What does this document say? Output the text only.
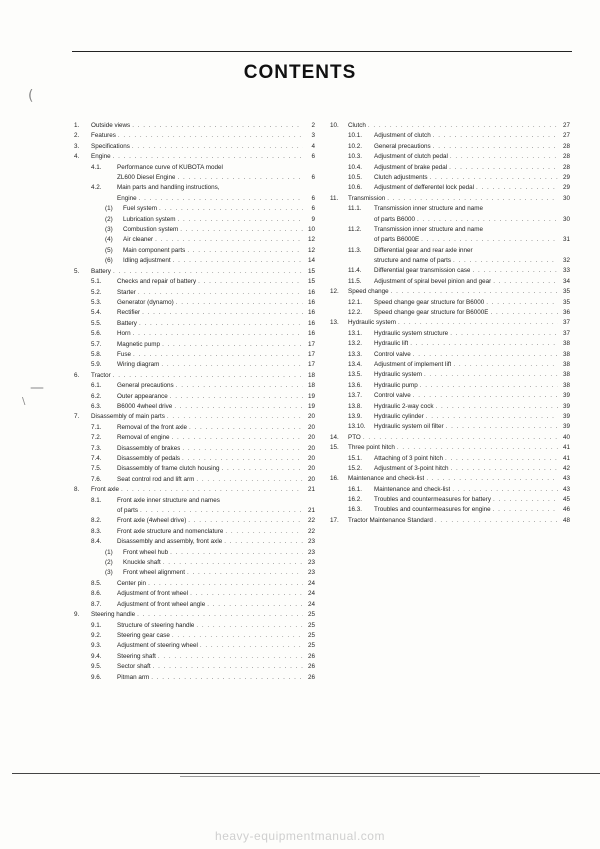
CONTENTS
1.	Outside views . . .	2
2.	Features . . .	3
3.	Specifications . . .	4
4.	Engine . . .	6
4.1.	Performance curve of KUBOTA model
ZL600 Diesel Engine . . .	6
4.2.	Main parts and handling instructions,
Engine . . .	6
(1)	Fuel system . . .	6
(2)	Lubrication system . . .	9
(3)	Combustion system . . .	10
(4)	Air cleaner . . .	12
(5)	Main component parts . . .	12
(6)	Idling adjustment . . .	14
5.	Battery . . .	15
5.1.	Checks and repair of battery . . .	15
5.2.	Starter . . .	16
5.3.	Generator (dynamo) . . .	16
5.4.	Rectifier . . .	16
5.5.	Battery . . .	16
5.6.	Horn . . .	16
5.7.	Magnetic pump . . .	17
5.8.	Fuse . . .	17
5.9.	Wiring diagram . . .	17
6.	Tractor . . .	18
6.1.	General precautions . . .	18
6.2.	Outer appearance . . .	19
6.3.	B6000 4wheel drive . . .	19
7.	Disassembly of main parts . . .	20
7.1.	Removal of the front axle . . .	20
7.2.	Removal of engine . . .	20
7.3.	Disassembly of brakes . . .	20
7.4.	Disassembly of pedals . . .	20
7.5.	Disassembly of frame clutch housing . . .	20
7.6.	Seat control rod and lift arm . . .	20
8.	Front axle . . .	21
8.1.	Front axle inner structure and names
of parts . . .	21
8.2.	Front axle (4wheel drive) . . .	22
8.3.	Front axle structure and nomenclature . . .	22
8.4.	Disassembly and assembly, front axle . . .	23
(1)	Front wheel hub . . .	23
(2)	Knuckle shaft . . .	23
(3)	Front wheel alignment . . .	23
8.5.	Center pin . . .	24
8.6.	Adjustment of front wheel . . .	24
8.7.	Adjustment of front wheel angle . . .	24
9.	Steering handle . . .	25
9.1.	Structure of steering handle . . .	25
9.2.	Steering gear case . . .	25
9.3.	Adjustment of steering wheel . . .	25
9.4.	Steering shaft . . .	26
9.5.	Sector shaft . . .	26
9.6.	Pitman arm . . .	26
10.	Clutch . . .	27
10.1.	Adjustment of clutch . . .	27
10.2.	General precautions . . .	28
10.3.	Adjustment of clutch pedal . . .	28
10.4.	Adjustment of brake pedal . . .	28
10.5.	Clutch adjustments . . .	29
10.6.	Adjustment of defferentel lock pedal . . .	29
11.	Transmission . . .	30
11.1.	Transmission inner structure and name
of parts B6000 . . .	30
11.2.	Transmission inner structure and name
of parts B6000E . . .	31
11.3.	Differential gear and rear axle inner
structure and name of parts . . .	32
11.4.	Differential gear transmission case . . .	33
11.5.	Adjustment of spiral bevel pinion and gear . . .	34
12.	Speed change . . .	35
12.1.	Speed change gear structure for B6000 . . .	35
12.2.	Speed change gear structure for B6000E . . .	36
13.	Hydraulic system . . .	37
13.1.	Hydraulic system structure . . .	37
13.2.	Hydraulic lift . . .	38
13.3.	Control valve . . .	38
13.4.	Adjustment of implement lift . . .	38
13.5.	Hydraulic system . . .	38
13.6.	Hydraulic pump . . .	38
13.7.	Control valve . . .	39
13.8.	Hydraulic 2-way cock . . .	39
13.9.	Hydraulic cylinder . . .	39
13.10.	Hydraulic system oil filter . . .	39
14.	PTO . . .	40
15.	Three point hitch . . .	41
15.1.	Attaching of 3 point hitch . . .	41
15.2.	Adjustment of 3-point hitch . . .	42
16.	Maintenance and check-list . . .	43
16.1.	Maintenance and check-list . . .	43
16.2.	Troubles and countermeasures for battery . . .	45
16.3.	Troubles and countermeasures for engine . . .	46
17.	Tractor Maintenance Standard . . .	48
(
—
\
heavy-equipmentmanual.com
